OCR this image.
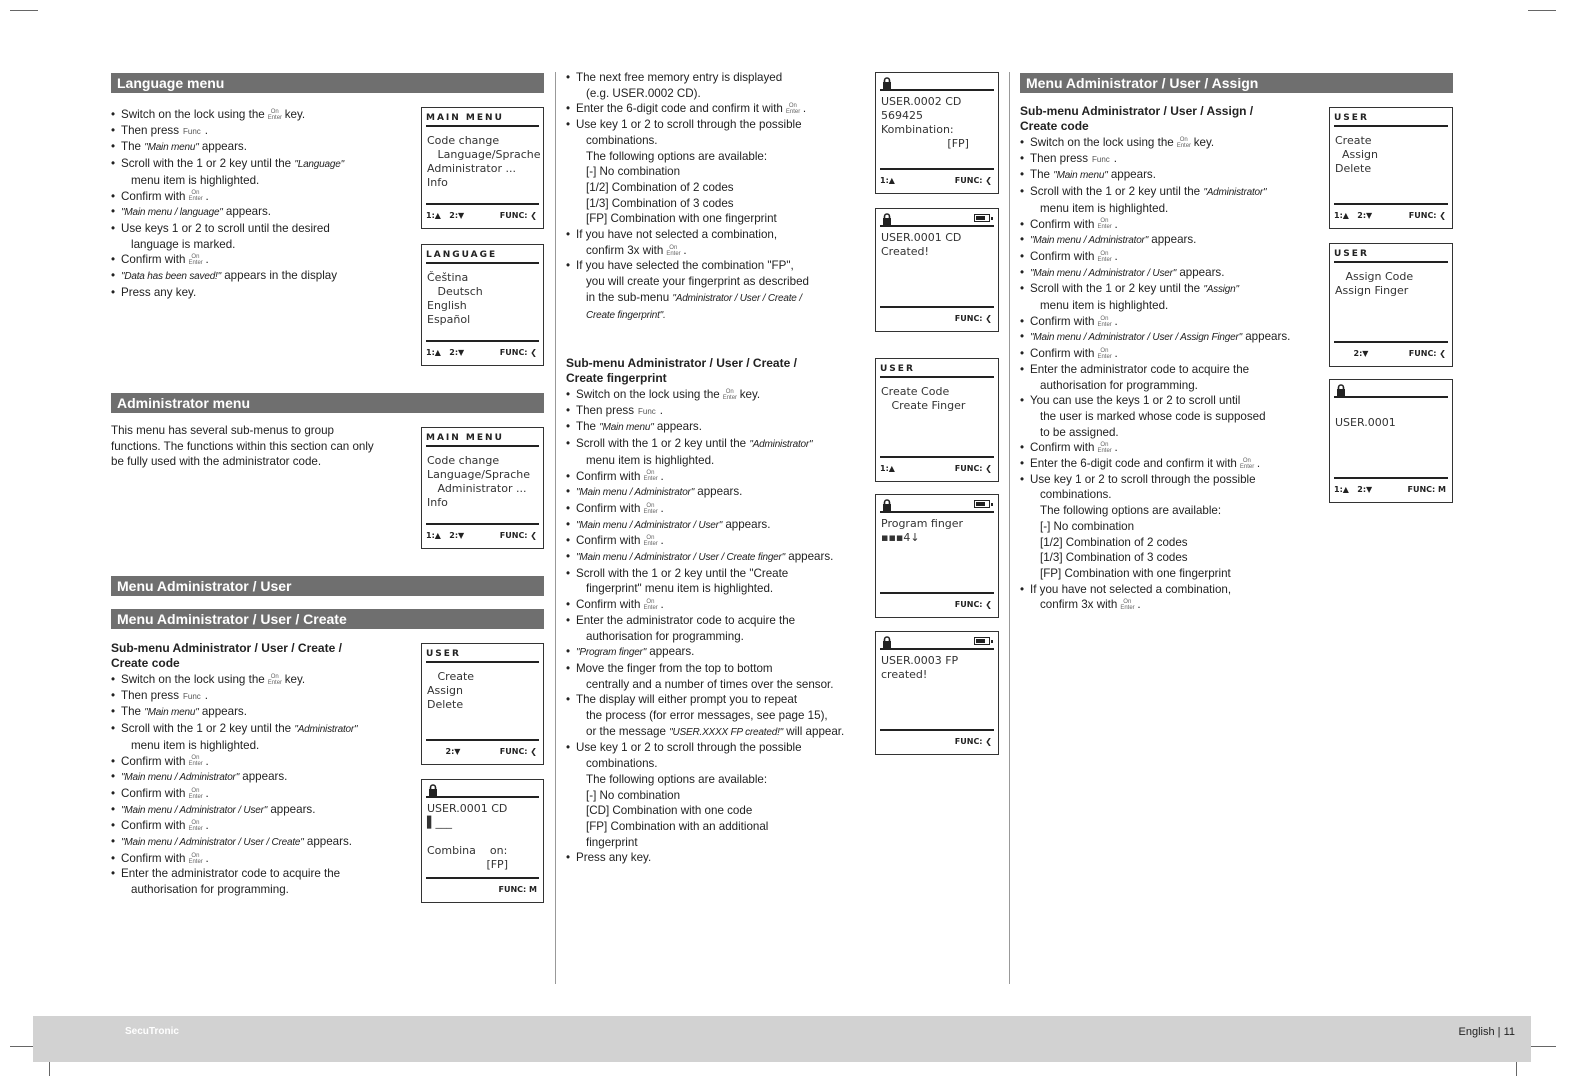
Language menu
• Switch on the lock using the On Enter key.
• Then press Func .
• The "Main menu" appears.
• Scroll with the 1 or 2 key until the "Language"
menu item is highlighted.
• Confirm with On Enter .
• "Main menu / language" appears.
• Use keys 1 or 2 to scroll until the desired
language is marked.
• Confirm with On Enter .
• "Data has been saved!" appears in the display
• Press any key.
MAIN MENU
Code change
Language/Sprache
Administrator ...
Info
1:▲   2:▼	FUNC: ❮
LANGUAGE
Čeština
Deutsch
English
Español
1:▲   2:▼	FUNC: ❮
Administrator menu
This menu has several sub-menus to group functions. The functions within this section can only be fully used with the administrator code.
MAIN MENU
Code change
Language/Sprache
Administrator ...
Info
1:▲   2:▼	FUNC: ❮
Menu Administrator / User
Menu Administrator / User / Create
Sub-menu Administrator / User / Create / Create code
• Switch on the lock using the On Enter key.
• Then press Func .
• The "Main menu" appears.
• Scroll with the 1 or 2 key until the "Administrator"
menu item is highlighted.
• Confirm with On Enter .
• "Main menu / Administrator" appears.
• Confirm with On Enter .
• "Main menu / Administrator / User" appears.
• Confirm with On Enter .
• "Main menu / Administrator / User / Create" appears.
• Confirm with On Enter .
• Enter the administrator code to acquire the
authorisation for programming.
USER
Create
Assign
Delete
2:▼	FUNC: ❮
USER.0001 CD
▌___
Combina    on:
[FP]
FUNC: M
• The next free memory entry is displayed
(e.g. USER.0002 CD).
• Enter the 6-digit code and confirm it with On Enter .
• Use key 1 or 2 to scroll through the possible
combinations.
The following options are available:
[-] No combination
[1/2] Combination of 2 codes
[1/3] Combination of 3 codes
[FP] Combination with one fingerprint
• If you have not selected a combination,
confirm 3x with On Enter .
• If you have selected the combination "FP",
you will create your fingerprint as described
in the sub-menu "Administrator / User / Create /
Create fingerprint".
Sub-menu Administrator / User / Create / Create fingerprint
• Switch on the lock using the On Enter key.
• Then press Func .
• The "Main menu" appears.
• Scroll with the 1 or 2 key until the "Administrator"
menu item is highlighted.
• Confirm with On Enter .
• "Main menu / Administrator" appears.
• Confirm with On Enter .
• "Main menu / Administrator / User" appears.
• Confirm with On Enter .
• "Main menu / Administrator / User / Create finger" appears.
• Scroll with the 1 or 2 key until the "Create
fingerprint" menu item is highlighted.
• Confirm with On Enter .
• Enter the administrator code to acquire the
authorisation for programming.
• "Program finger" appears.
• Move the finger from the top to bottom
centrally and a number of times over the sensor.
• The display will either prompt you to repeat
the process (for error messages, see page 15),
or the message "USER.XXXX FP created!" will appear.
• Use key 1 or 2 to scroll through the possible
combinations.
The following options are available:
[-] No combination
[CD] Combination with one code
[FP] Combination with an additional
fingerprint
• Press any key.
USER.0002 CD
569425
Kombination:
[FP]
1:▲	FUNC: ❮
USER.0001 CD
Created!
FUNC: ❮
USER
Create Code
Create Finger
1:▲	FUNC: ❮
Program finger
▪▪▪4↓
FUNC: ❮
USER.0003 FP
created!
FUNC: ❮
Menu Administrator / User / Assign
Sub-menu Administrator / User / Assign / Create code
• Switch on the lock using the On Enter key.
• Then press Func .
• The "Main menu" appears.
• Scroll with the 1 or 2 key until the "Administrator"
menu item is highlighted.
• Confirm with On Enter .
• "Main menu / Administrator" appears.
• Confirm with On Enter .
• "Main menu / Administrator / User" appears.
• Scroll with the 1 or 2 key until the "Assign"
menu item is highlighted.
• Confirm with On Enter .
• "Main menu / Administrator / User / Assign Finger" appears.
• Confirm with On Enter .
• Enter the administrator code to acquire the
authorisation for programming.
• You can use the keys 1 or 2 to scroll until
the user is marked whose code is supposed
to be assigned.
• Confirm with On Enter .
• Enter the 6-digit code and confirm it with On Enter .
• Use key 1 or 2 to scroll through the possible
combinations.
The following options are available:
[-] No combination
[1/2] Combination of 2 codes
[1/3] Combination of 3 codes
[FP] Combination with one fingerprint
• If you have not selected a combination,
confirm 3x with On Enter .
USER
Create
Assign
Delete
1:▲   2:▼	FUNC: ❮
USER
Assign Code
Assign Finger
2:▼	FUNC: ❮
USER.0001
1:▲   2:▼	FUNC: M
SecuTronic	English | 11
